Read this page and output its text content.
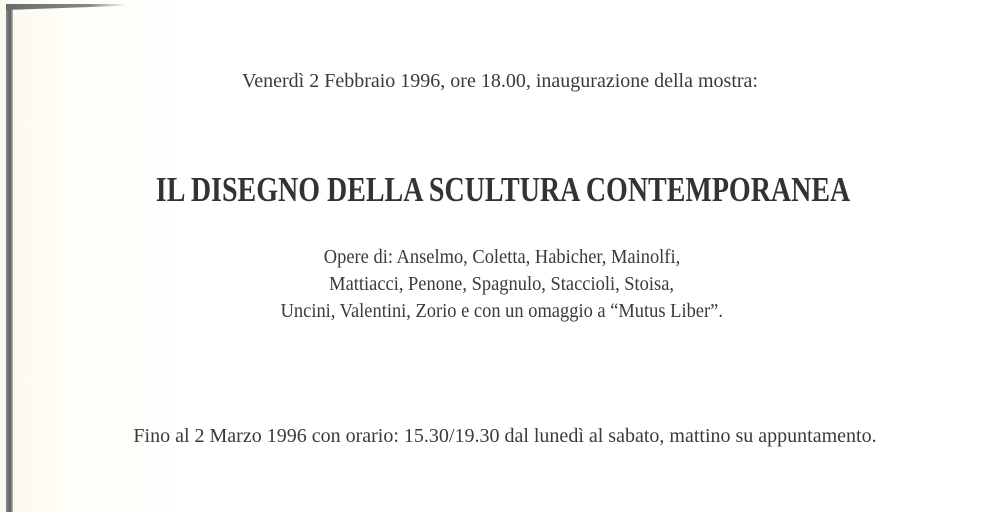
Venerdì 2 Febbraio 1996, ore 18.00, inaugurazione della mostra:
IL DISEGNO DELLA SCULTURA CONTEMPORANEA
Opere di: Anselmo, Coletta, Habicher, Mainolfi,
Mattiacci, Penone, Spagnulo, Staccioli, Stoisa,
Uncini, Valentini, Zorio e con un omaggio a “Mutus Liber”.
Fino al 2 Marzo 1996 con orario: 15.30/19.30 dal lunedì al sabato, mattino su appuntamento.
